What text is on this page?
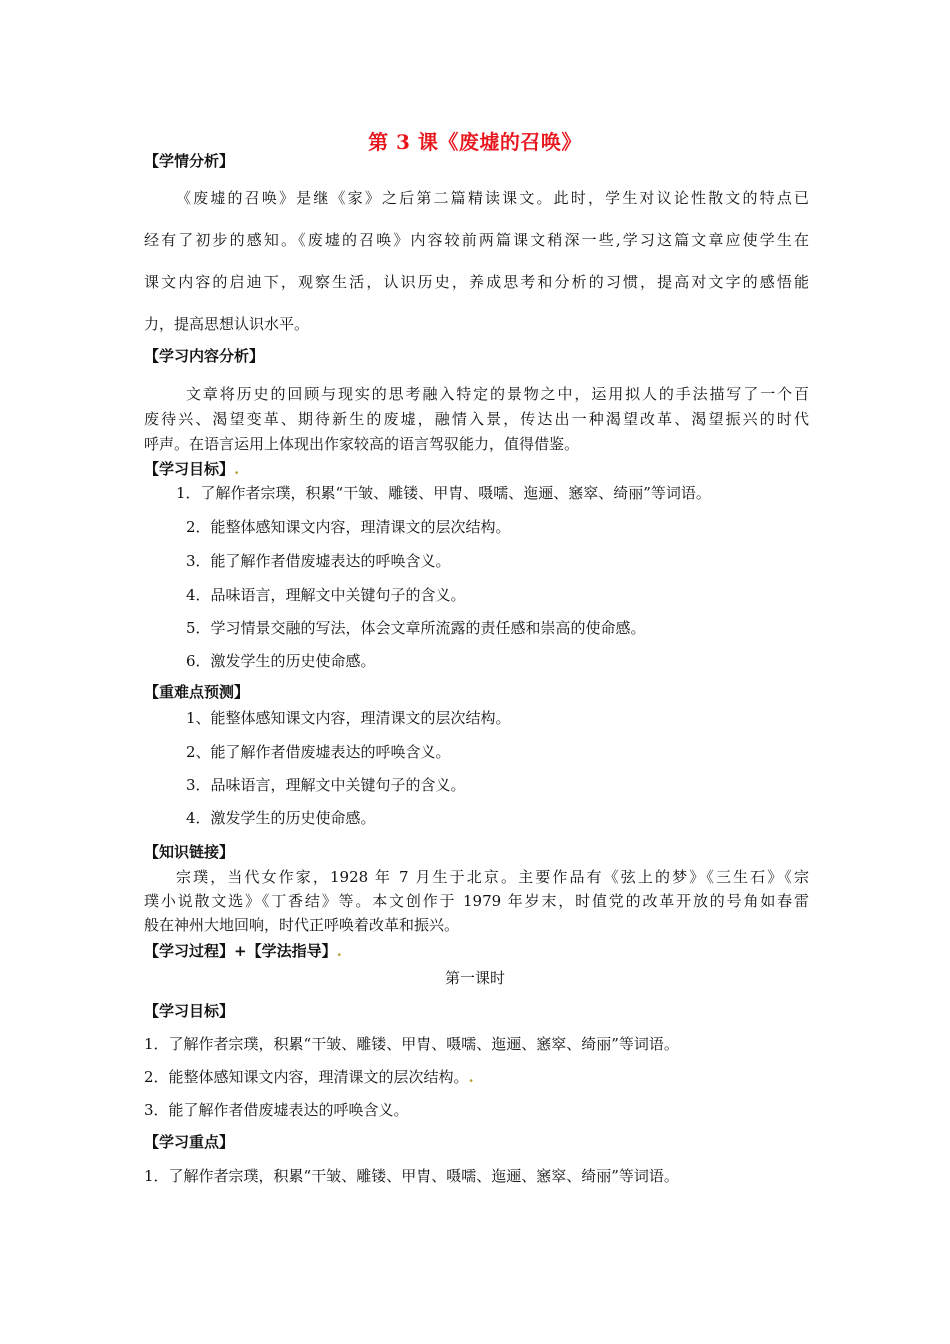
第 3 课《废墟的召唤》
【学情分析】
《废墟的召唤》是继《家》之后第二篇精读课文。此时，学生对议论性散文的特点已
经有了初步的感知。《废墟的召唤》内容较前两篇课文稍深一些,学习这篇文章应使学生在
课文内容的启迪下，观察生活，认识历史，养成思考和分析的习惯，提高对文字的感悟能
力，提高思想认识水平。
【学习内容分析】
文章将历史的回顾与现实的思考融入特定的景物之中，运用拟人的手法描写了一个百
废待兴、渴望变革、期待新生的废墟，融情入景，传达出一种渴望改革、渴望振兴的时代
呼声。在语言运用上体现出作家较高的语言驾驭能力，值得借鉴。
【学习目标】.
1．了解作者宗璞，积累“干皱、雕镂、甲胄、嗫嚅、迤逦、窸窣、绮丽”等词语。
2．能整体感知课文内容，理清课文的层次结构。
3．能了解作者借废墟表达的呼唤含义。
4．品味语言，理解文中关键句子的含义。
5．学习情景交融的写法，体会文章所流露的责任感和崇高的使命感。
6．激发学生的历史使命感。
【重难点预测】
1、能整体感知课文内容，理清课文的层次结构。
2、能了解作者借废墟表达的呼唤含义。
3．品味语言，理解文中关键句子的含义。
4．激发学生的历史使命感。
【知识链接】
宗璞，当代女作家，1928 年 7 月生于北京。主要作品有《弦上的梦》《三生石》《宗
璞小说散文选》《丁香结》等。本文创作于 1979 年岁末，时值党的改革开放的号角如春雷
般在神州大地回响，时代正呼唤着改革和振兴。
【学习过程】+【学法指导】.
第一课时
【学习目标】
1．了解作者宗璞，积累“干皱、雕镂、甲胄、嗫嚅、迤逦、窸窣、绮丽”等词语。
2．能整体感知课文内容，理清课文的层次结构。.
3．能了解作者借废墟表达的呼唤含义。
【学习重点】
1．了解作者宗璞，积累“干皱、雕镂、甲胄、嗫嚅、迤逦、窸窣、绮丽”等词语。
